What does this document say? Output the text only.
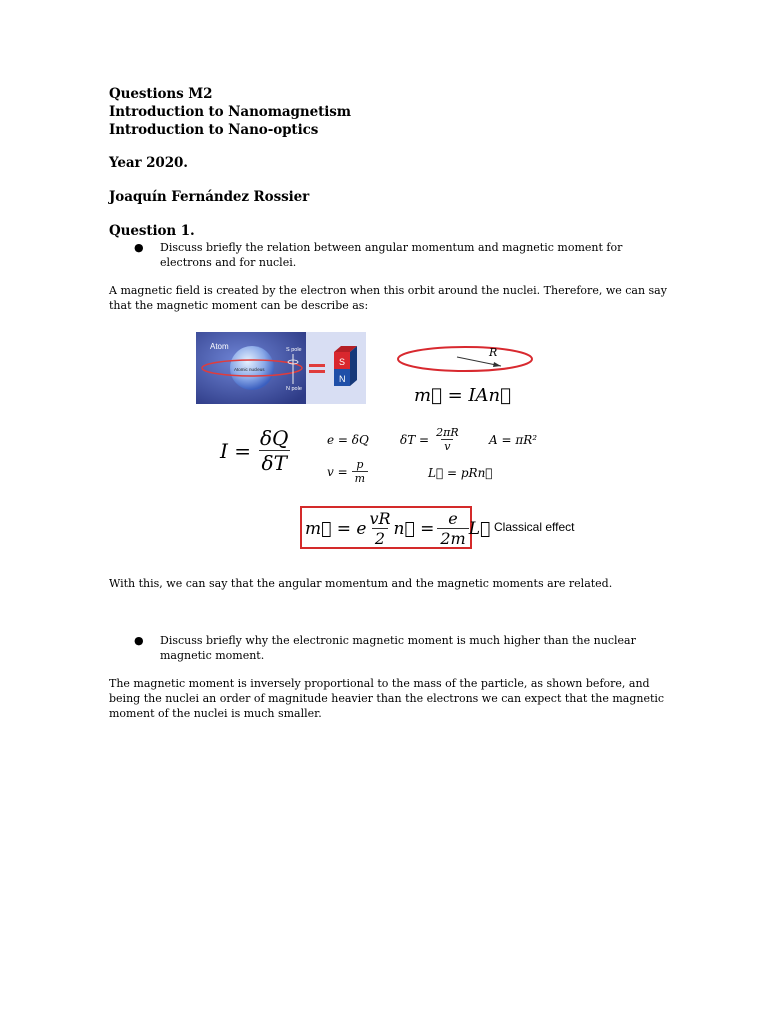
Questions M2
Introduction to Nanomagnetism
Introduction to Nano-optics
Year 2020.
Joaquín Fernández Rossier
Question 1.
● Discuss briefly the relation between angular momentum and magnetic moment for
electrons and for nuclei.
A magnetic field is created by the electron when this orbit around the nuclei. Therefore, we can say
that the magnetic moment can be describe as:
Atom
Atomic nucleus
S pole
N pole
S
N
R
m⃗ = IAn⃗
$I = \frac{\delta Q}{\delta T}$	e = δQ	$\delta T = \frac{2\pi R}{v}$ A = πR²
$v = \frac{p}{m}$	L⃗ = pRn⃗
m⃗ = e $\frac{vR}{2}$ n⃗ = $\frac{e}{2m}$ L⃗ Classical effect
With this, we can say that the angular momentum and the magnetic moments are related.
● Discuss briefly why the electronic magnetic moment is much higher than the nuclear
magnetic moment.
The magnetic moment is inversely proportional to the mass of the particle, as shown before, and
being the nuclei an order of magnitude heavier than the electrons we can expect that the magnetic
moment of the nuclei is much smaller.
